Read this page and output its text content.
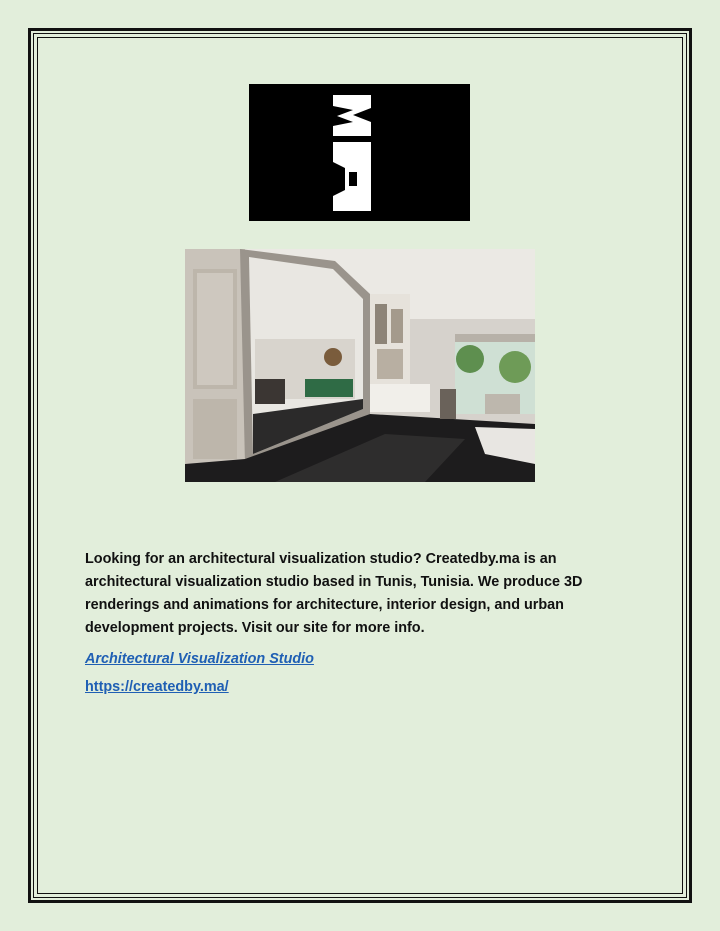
Looking for an architectural visualization studio? Createdby.ma is an architectural visualization studio based in Tunis, Tunisia. We produce 3D renderings and animations for architecture, interior design, and urban development projects. Visit our site for more info.

Architectural Visualization Studio
https://createdby.ma/
